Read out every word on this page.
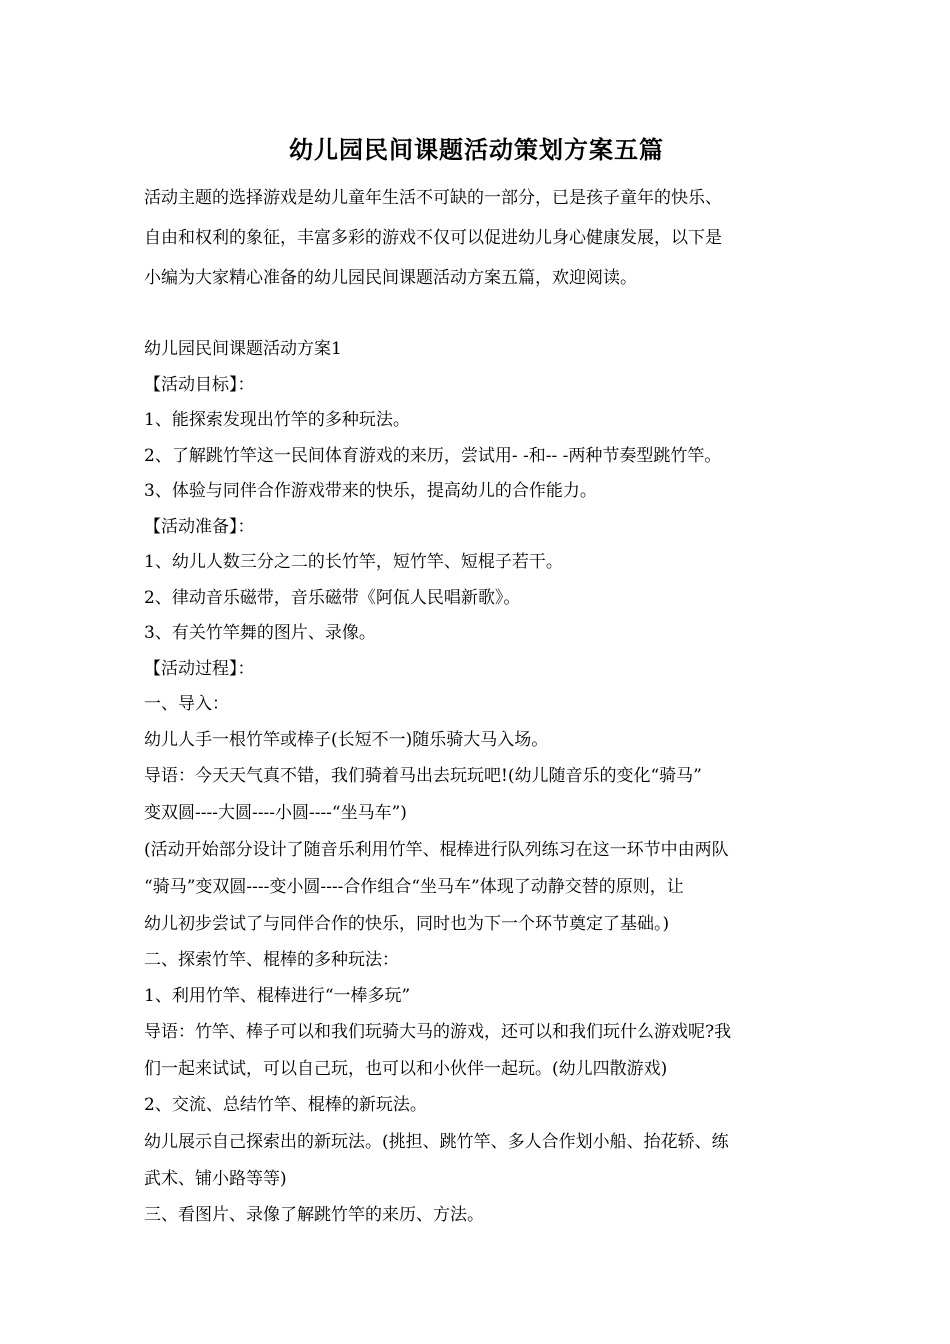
幼儿园民间课题活动策划方案五篇

活动主题的选择游戏是幼儿童年生活不可缺的一部分，已是孩子童年的快乐、

自由和权利的象征，丰富多彩的游戏不仅可以促进幼儿身心健康发展，以下是

小编为大家精心准备的幼儿园民间课题活动方案五篇，欢迎阅读。

幼儿园民间课题活动方案1

【活动目标】：

1、能探索发现出竹竿的多种玩法。

2、了解跳竹竿这一民间体育游戏的来历，尝试用- -和-- -两种节奏型跳竹竿。

3、体验与同伴合作游戏带来的快乐，提高幼儿的合作能力。

【活动准备】：

1、幼儿人数三分之二的长竹竿，短竹竿、短棍子若干。

2、律动音乐磁带，音乐磁带《阿佤人民唱新歌》。

3、有关竹竿舞的图片、录像。

【活动过程】：

一、导入：

幼儿人手一根竹竿或棒子(长短不一)随乐骑大马入场。

导语：今天天气真不错，我们骑着马出去玩玩吧!(幼儿随音乐的变化“骑马”

变双圆----大圆----小圆----“坐马车”)

(活动开始部分设计了随音乐利用竹竿、棍棒进行队列练习在这一环节中由两队

“骑马”变双圆----变小圆----合作组合“坐马车”体现了动静交替的原则，让

幼儿初步尝试了与同伴合作的快乐，同时也为下一个环节奠定了基础。)

二、探索竹竿、棍棒的多种玩法：

1、利用竹竿、棍棒进行“一棒多玩”

导语：竹竿、棒子可以和我们玩骑大马的游戏，还可以和我们玩什么游戏呢?我

们一起来试试，可以自己玩，也可以和小伙伴一起玩。(幼儿四散游戏)

2、交流、总结竹竿、棍棒的新玩法。

幼儿展示自己探索出的新玩法。(挑担、跳竹竿、多人合作划小船、抬花轿、练

武术、铺小路等等)

三、看图片、录像了解跳竹竿的来历、方法。
